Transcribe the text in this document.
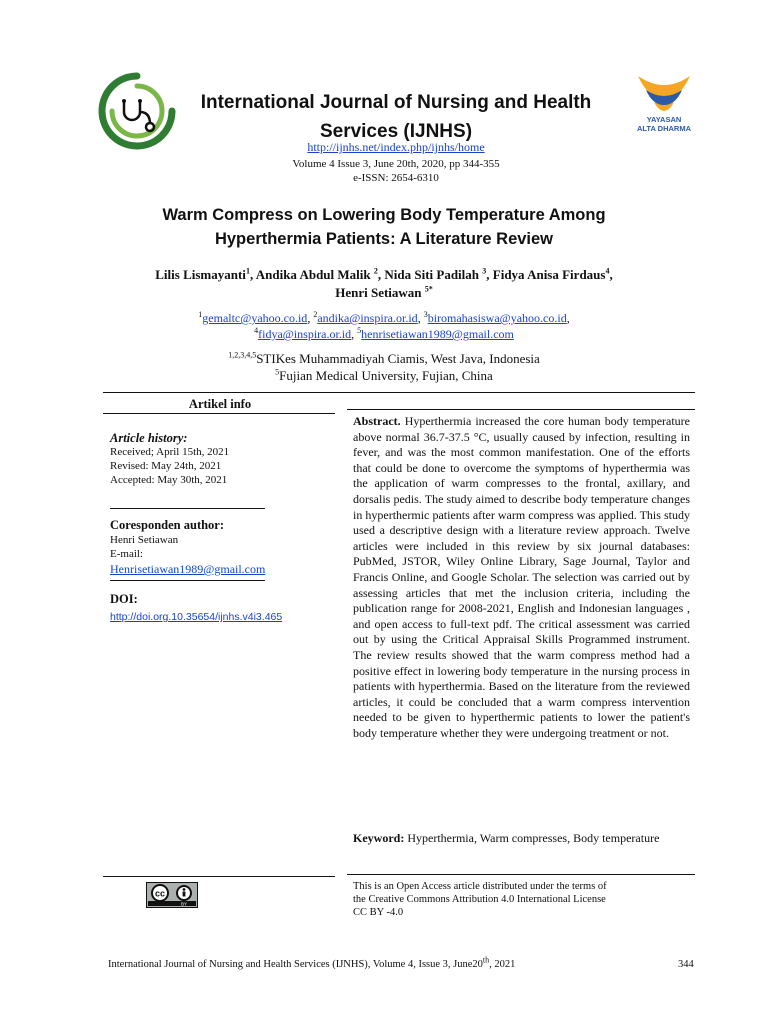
International Journal of Nursing and Health Services (IJNHS)
YAYASAN
ALTA DHARMA
http://ijnhs.net/index.php/ijnhs/home
Volume 4 Issue 3, June 20th, 2020, pp 344-355
e-ISSN: 2654-6310
Warm Compress on Lowering Body Temperature Among
Hyperthermia Patients: A Literature Review
Lilis Lismayanti$^1$, Andika Abdul Malik $^2$, Nida Siti Padilah $^3$, Fidya Anisa Firdaus$^4$,
Henri Setiawan $^{5*}$
$^1$gemaltc@yahoo.co.id, $^2$andika@inspira.or.id, $^3$biromahasiswa@yahoo.co.id,
$^4$fidya@inspira.or.id, $^5$henrisetiawan1989@gmail.com
$^{1,2,3,4,5}$STIKes Muhammadiyah Ciamis, West Java, Indonesia
$^5$Fujian Medical University, Fujian, China
Artikel info
Article history:
Received; April 15th, 2021
Revised: May 24th, 2021
Accepted: May 30th, 2021
Coresponden author:
Henri Setiawan
E-mail:
Henrisetiawan1989@gmail.com
DOI:
http://doi.org.10.35654/ijnhs.v4i3.465
Abstract. Hyperthermia increased the core human body temperature above normal 36.7-37.5 °C, usually caused by infection, resulting in fever, and was the most common manifestation. One of the efforts that could be done to overcome the symptoms of hyperthermia was the application of warm compresses to the frontal, axillary, and dorsalis pedis. The study aimed to describe body temperature changes in hyperthermic patients after warm compress was applied. This study used a descriptive design with a literature review approach. Twelve articles were included in this review by six journal databases: PubMed, JSTOR, Wiley Online Library, Sage Journal, Taylor and Francis Online, and Google Scholar. The selection was carried out by assessing articles that met the inclusion criteria, including the publication range for 2008-2021, English and Indonesian languages , and open access to full-text pdf. The critical assessment was carried out by using the Critical Appraisal Skills Programmed instrument. The review results showed that the warm compress method had a positive effect in lowering body temperature in the nursing process in patients with hyperthermia. Based on the literature from the reviewed articles, it could be concluded that a warm compress intervention needed to be given to hyperthermic patients to lower the patient's body temperature whether they were undergoing treatment or not.
Keyword: Hyperthermia, Warm compresses, Body temperature
cc
BY
This is an Open Access article distributed under the terms of
the Creative Commons Attribution 4.0 International License
CC BY -4.0
International Journal of Nursing and Health Services (IJNHS), Volume 4, Issue 3, June20th, 2021	344
